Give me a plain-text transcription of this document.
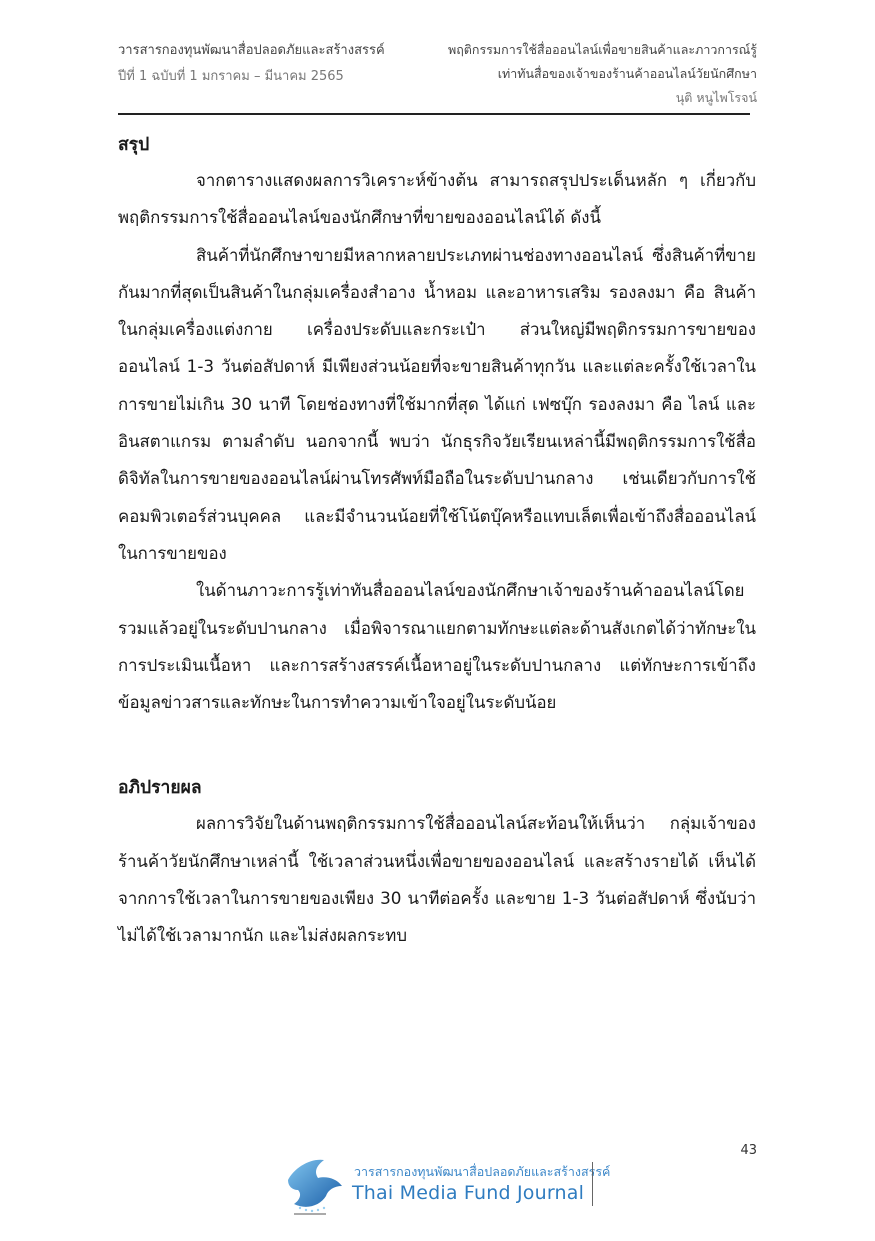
วารสารกองทุนพัฒนาสื่อปลอดภัยและสร้างสรรค์
ปีที่ 1 ฉบับที่ 1 มกราคม – มีนาคม 2565
พฤติกรรมการใช้สื่อออนไลน์เพื่อขายสินค้าและภาวการณ์รู้
เท่าทันสื่อของเจ้าของร้านค้าออนไลน์วัยนักศึกษา
นุติ หนูไพโรจน์
สรุป

จากตารางแสดงผลการวิเคราะห์ข้างต้น สามารถสรุปประเด็นหลัก ๆ เกี่ยวกับพฤติกรรมการใช้สื่อออนไลน์ของนักศึกษาที่ขายของออนไลน์ได้ ดังนี้

สินค้าที่นักศึกษาขายมีหลากหลายประเภทผ่านช่องทางออนไลน์ ซึ่งสินค้าที่ขายกันมากที่สุดเป็นสินค้าในกลุ่มเครื่องสำอาง น้ำหอม และอาหารเสริม รองลงมา คือ สินค้าในกลุ่มเครื่องแต่งกาย เครื่องประดับและกระเป๋า ส่วนใหญ่มีพฤติกรรมการขายของออนไลน์ 1-3 วันต่อสัปดาห์ มีเพียงส่วนน้อยที่จะขายสินค้าทุกวัน และแต่ละครั้งใช้เวลาในการขายไม่เกิน 30 นาที โดยช่องทางที่ใช้มากที่สุด ได้แก่ เฟซบุ๊ก รองลงมา คือ ไลน์ และอินสตาแกรม ตามลำดับ นอกจากนี้ พบว่า นักธุรกิจวัยเรียนเหล่านี้มีพฤติกรรมการใช้สื่อดิจิทัลในการขายของออนไลน์ผ่านโทรศัพท์มือถือในระดับปานกลาง เช่นเดียวกับการใช้คอมพิวเตอร์ส่วนบุคคล และมีจำนวนน้อยที่ใช้โน้ตบุ๊คหรือแทบเล็ตเพื่อเข้าถึงสื่อออนไลน์ในการขายของ

ในด้านภาวะการรู้เท่าทันสื่อออนไลน์ของนักศึกษาเจ้าของร้านค้าออนไลน์โดยรวมแล้วอยู่ในระดับปานกลาง เมื่อพิจารณาแยกตามทักษะแต่ละด้านสังเกตได้ว่าทักษะในการประเมินเนื้อหา และการสร้างสรรค์เนื้อหาอยู่ในระดับปานกลาง แต่ทักษะการเข้าถึงข้อมูลข่าวสารและทักษะในการทำความเข้าใจอยู่ในระดับน้อย

อภิปรายผล

ผลการวิจัยในด้านพฤติกรรมการใช้สื่อออนไลน์สะท้อนให้เห็นว่า กลุ่มเจ้าของร้านค้าวัยนักศึกษาเหล่านี้ ใช้เวลาส่วนหนึ่งเพื่อขายของออนไลน์ และสร้างรายได้ เห็นได้จากการใช้เวลาในการขายของเพียง 30 นาทีต่อครั้ง และขาย 1-3 วันต่อสัปดาห์ ซึ่งนับว่าไม่ได้ใช้เวลามากนัก และไม่ส่งผลกระทบ

43
วารสารกองทุนพัฒนาสื่อปลอดภัยและสร้างสรรค์
Thai Media Fund Journal
